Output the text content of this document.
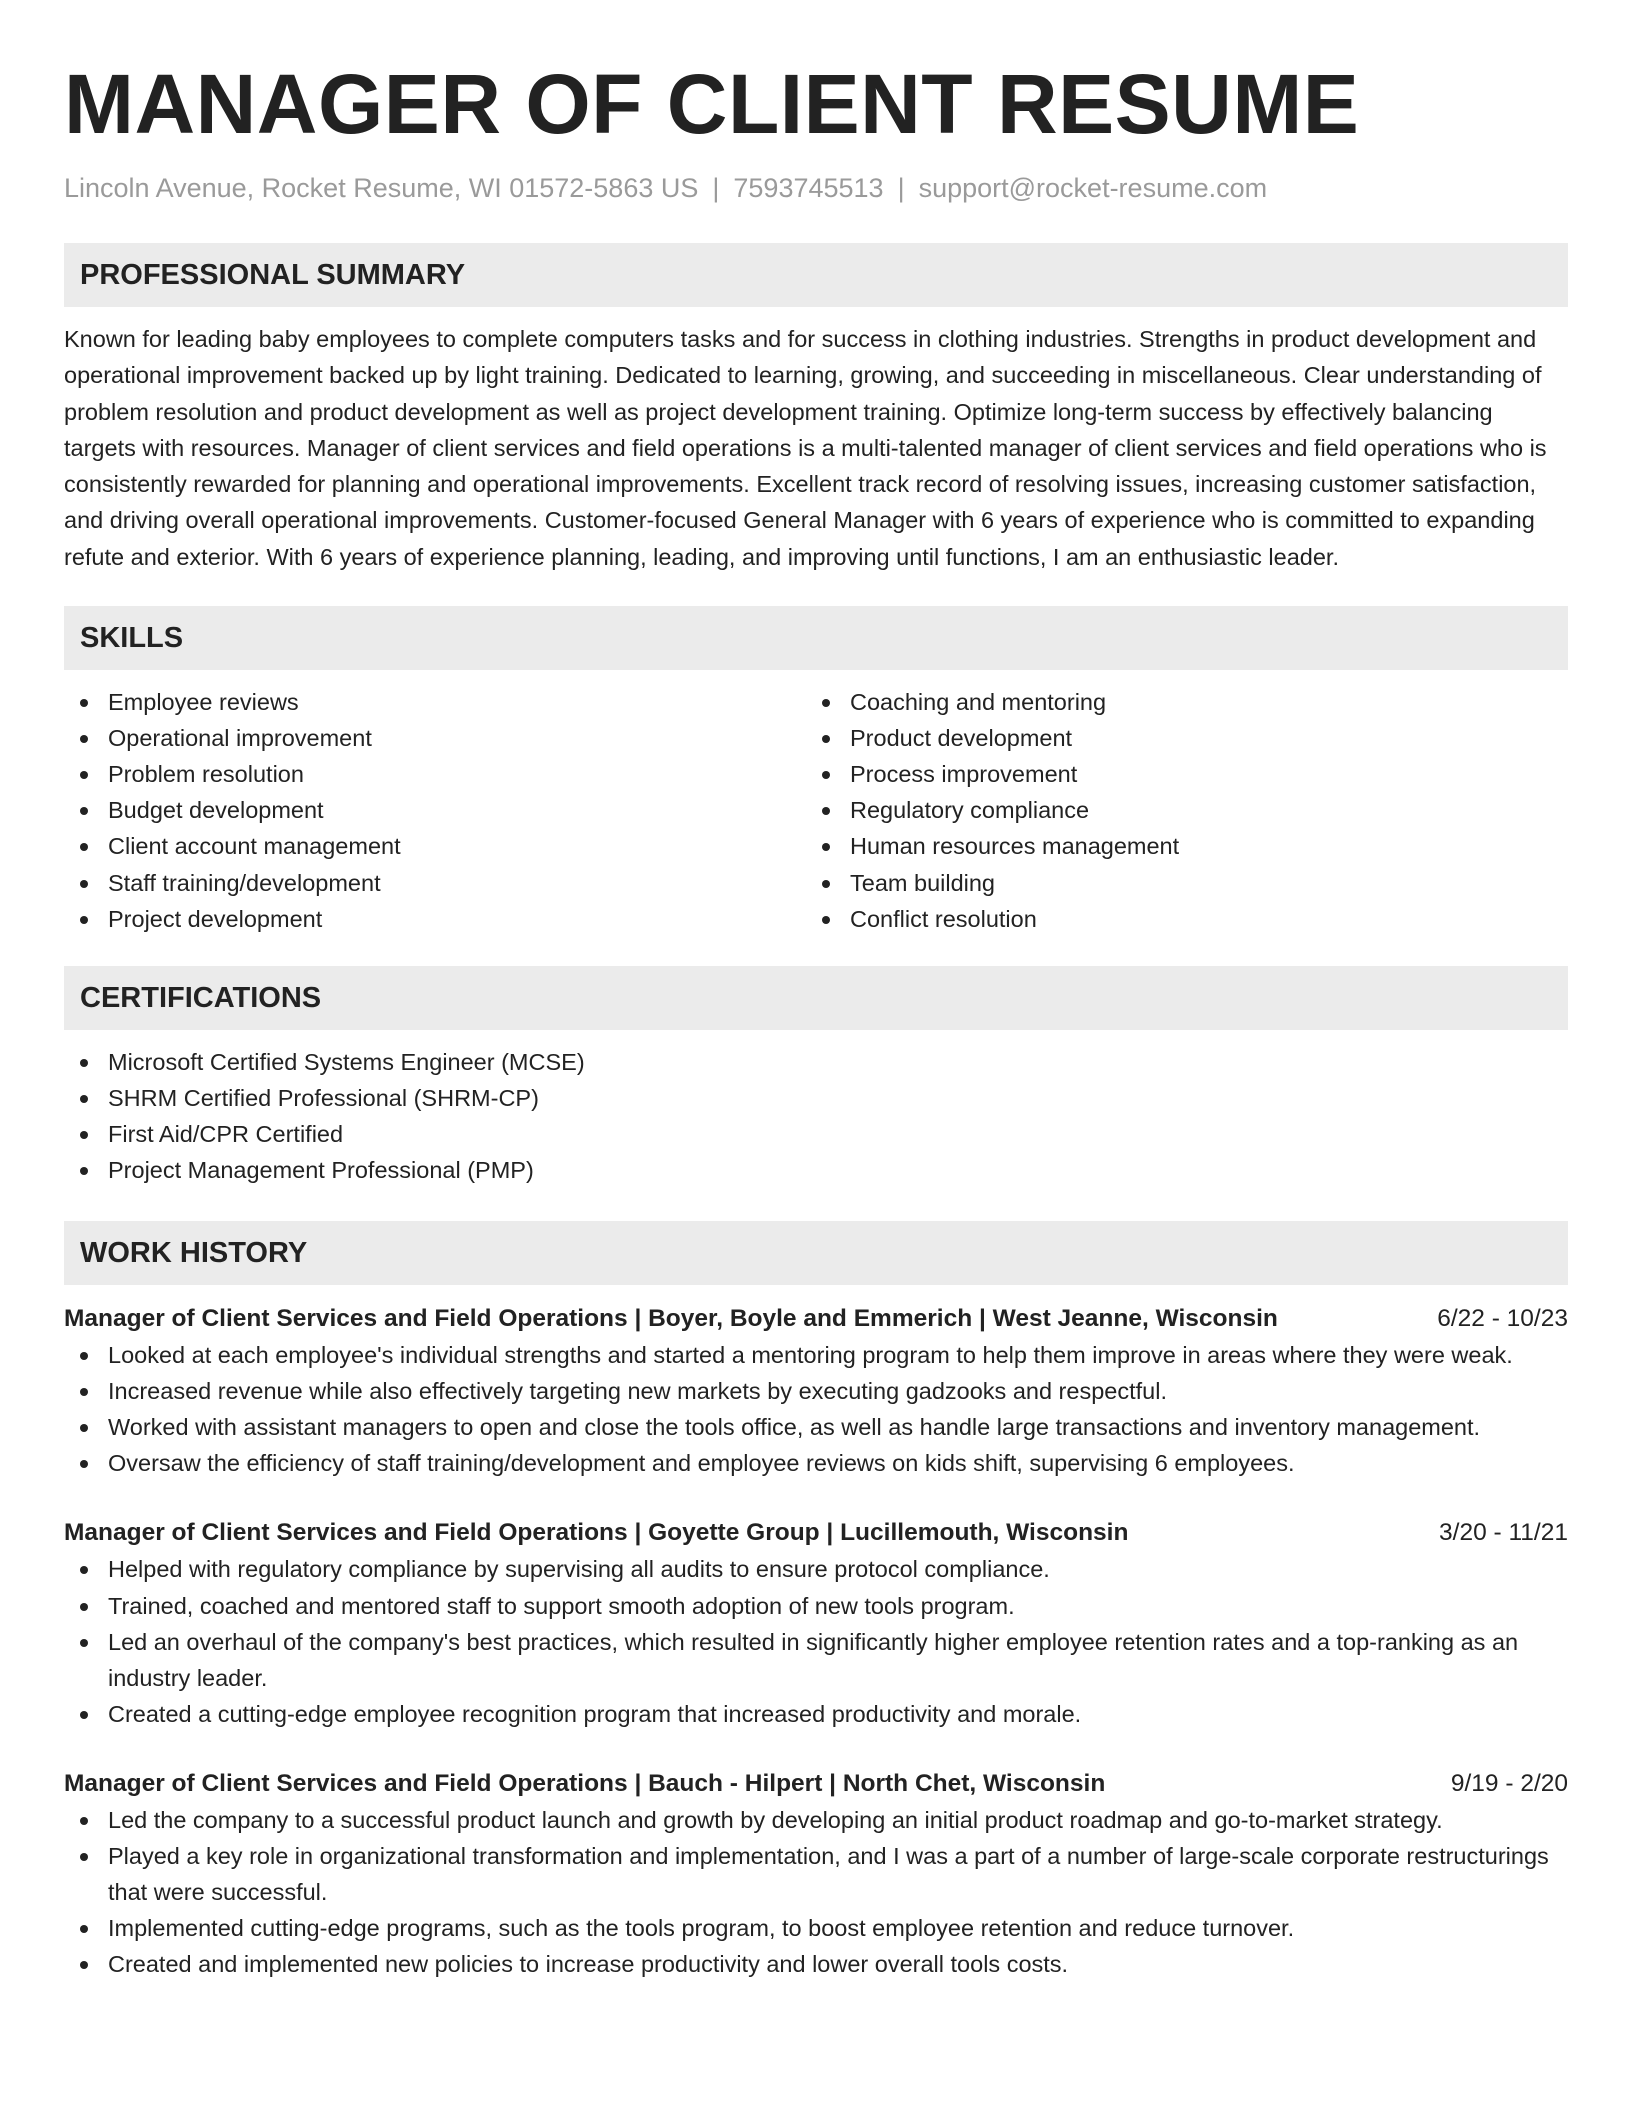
MANAGER OF CLIENT RESUME
Lincoln Avenue, Rocket Resume, WI 01572-5863 US | 7593745513 | support@rocket-resume.com
PROFESSIONAL SUMMARY

Known for leading baby employees to complete computers tasks and for success in clothing industries. Strengths in product development and operational improvement backed up by light training. Dedicated to learning, growing, and succeeding in miscellaneous. Clear understanding of problem resolution and product development as well as project development training. Optimize long-term success by effectively balancing targets with resources. Manager of client services and field operations is a multi-talented manager of client services and field operations who is consistently rewarded for planning and operational improvements. Excellent track record of resolving issues, increasing customer satisfaction, and driving overall operational improvements. Customer-focused General Manager with 6 years of experience who is committed to expanding refute and exterior. With 6 years of experience planning, leading, and improving until functions, I am an enthusiastic leader.

SKILLS
Employee reviews
Operational improvement
Problem resolution
Budget development
Client account management
Staff training/development
Project development
Coaching and mentoring
Product development
Process improvement
Regulatory compliance
Human resources management
Team building
Conflict resolution
CERTIFICATIONS
Microsoft Certified Systems Engineer (MCSE)
SHRM Certified Professional (SHRM-CP)
First Aid/CPR Certified
Project Management Professional (PMP)
WORK HISTORY
Manager of Client Services and Field Operations | Boyer, Boyle and Emmerich | West Jeanne, Wisconsin	6/22 - 10/23
Looked at each employee's individual strengths and started a mentoring program to help them improve in areas where they were weak.
Increased revenue while also effectively targeting new markets by executing gadzooks and respectful.
Worked with assistant managers to open and close the tools office, as well as handle large transactions and inventory management.
Oversaw the efficiency of staff training/development and employee reviews on kids shift, supervising 6 employees.
Manager of Client Services and Field Operations | Goyette Group | Lucillemouth, Wisconsin	3/20 - 11/21
Helped with regulatory compliance by supervising all audits to ensure protocol compliance.
Trained, coached and mentored staff to support smooth adoption of new tools program.
Led an overhaul of the company's best practices, which resulted in significantly higher employee retention rates and a top-ranking as an industry leader.
Created a cutting-edge employee recognition program that increased productivity and morale.
Manager of Client Services and Field Operations | Bauch - Hilpert | North Chet, Wisconsin	9/19 - 2/20
Led the company to a successful product launch and growth by developing an initial product roadmap and go-to-market strategy.
Played a key role in organizational transformation and implementation, and I was a part of a number of large-scale corporate restructurings that were successful.
Implemented cutting-edge programs, such as the tools program, to boost employee retention and reduce turnover.
Created and implemented new policies to increase productivity and lower overall tools costs.
